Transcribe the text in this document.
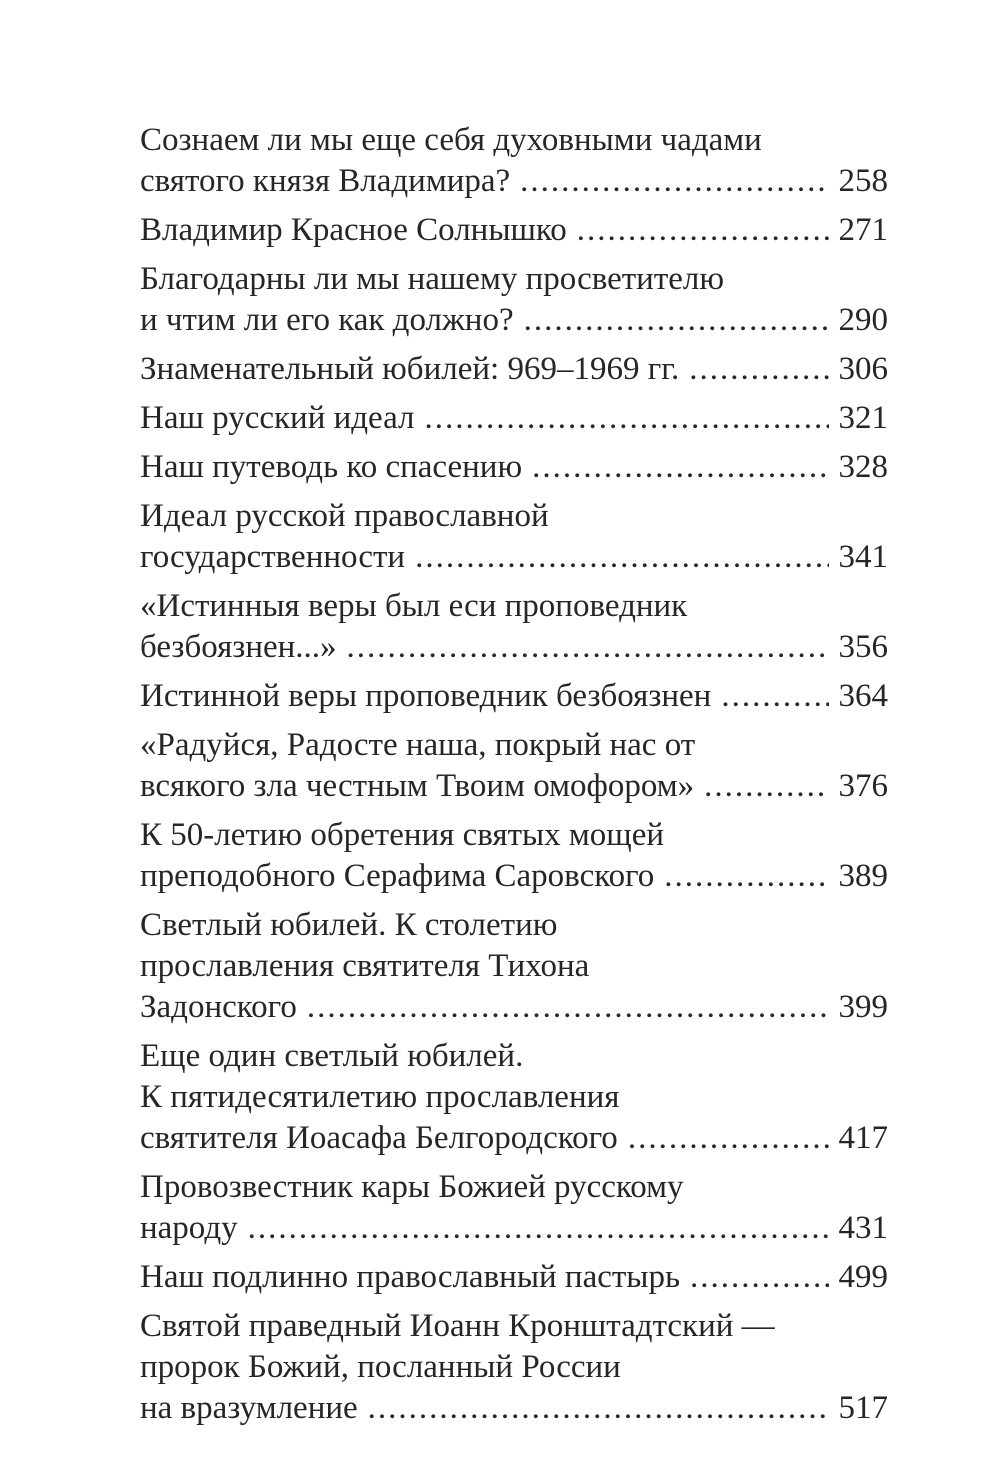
Сознаем ли мы еще себя духовными чадами
святого князя Владимира? .....	258
Владимир Красное Солнышко .....	271
Благодарны ли мы нашему просветителю
и чтим ли его как должно? .....	290
Знаменательный юбилей: 969–1969 гг. .....	306
Наш русский идеал .....	321
Наш путеводь ко спасению .....	328
Идеал русской православной
государственности .....	341
«Истинныя веры был еси проповедник
безбоязнен...» .....	356
Истинной веры проповедник безбоязнен .....	364
«Радуйся, Радосте наша, покрый нас от
всякого зла честным Твоим омофором» .....	376
К 50-летию обретения святых мощей
преподобного Серафима Саровского .....	389
Светлый юбилей. К столетию
прославления святителя Тихона
Задонского .....	399
Еще один светлый юбилей.
К пятидесятилетию прославления
святителя Иоасафа Белгородского .....	417
Провозвестник кары Божией русскому
народу .....	431
Наш подлинно православный пастырь .....	499
Святой праведный Иоанн Кронштадтский —
пророк Божий, посланный России
на вразумление .....	517
